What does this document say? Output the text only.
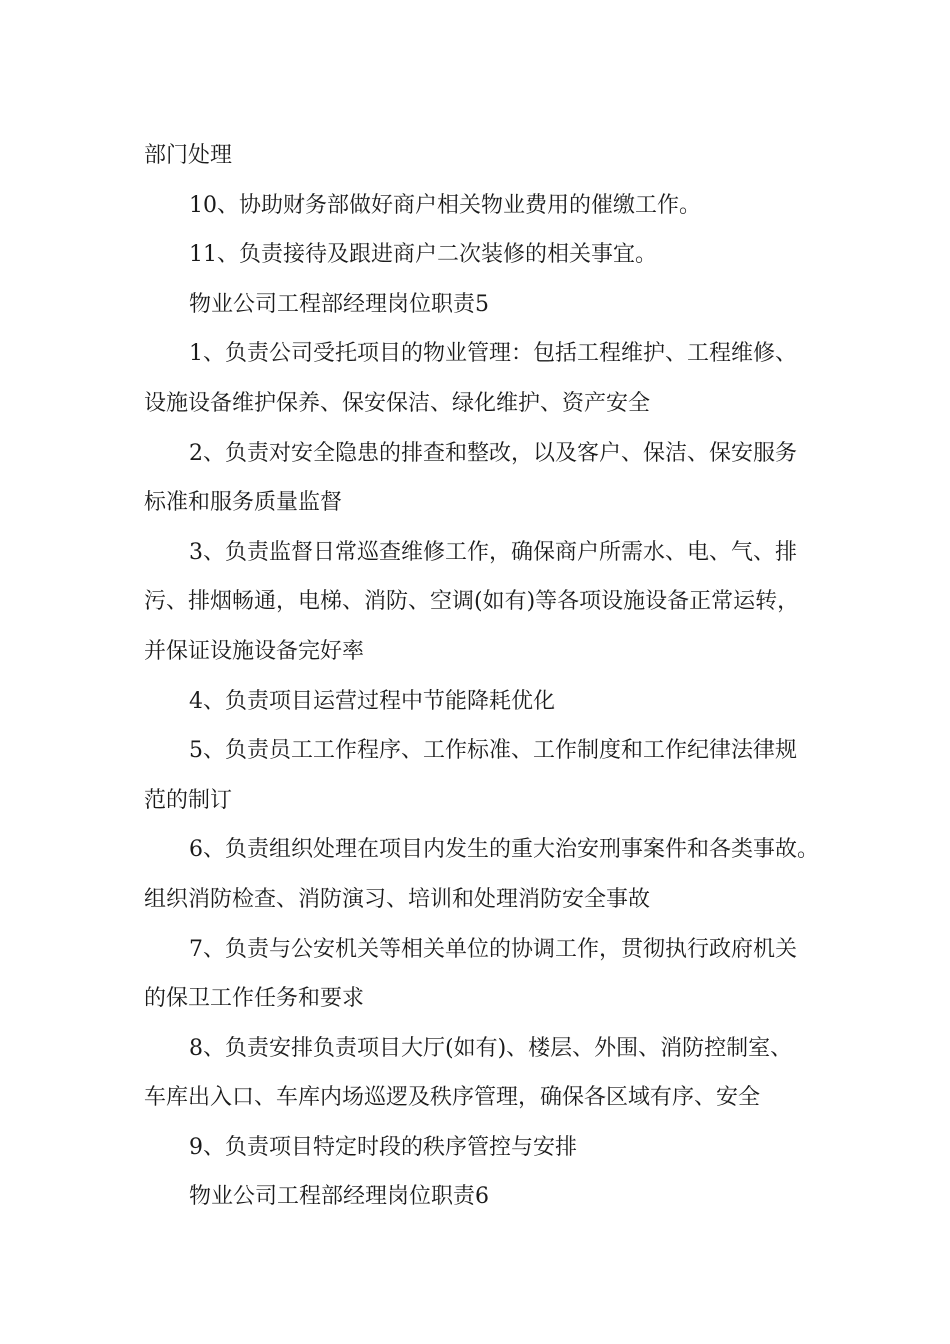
部门处理
10、协助财务部做好商户相关物业费用的催缴工作。
11、负责接待及跟进商户二次装修的相关事宜。
物业公司工程部经理岗位职责5
1、负责公司受托项目的物业管理：包括工程维护、工程维修、
设施设备维护保养、保安保洁、绿化维护、资产安全
2、负责对安全隐患的排查和整改，以及客户、保洁、保安服务
标准和服务质量监督
3、负责监督日常巡查维修工作，确保商户所需水、电、气、排
污、排烟畅通，电梯、消防、空调(如有)等各项设施设备正常运转，
并保证设施设备完好率
4、负责项目运营过程中节能降耗优化
5、负责员工工作程序、工作标准、工作制度和工作纪律法律规
范的制订
6、负责组织处理在项目内发生的重大治安刑事案件和各类事故。
组织消防检查、消防演习、培训和处理消防安全事故
7、负责与公安机关等相关单位的协调工作，贯彻执行政府机关
的保卫工作任务和要求
8、负责安排负责项目大厅(如有)、楼层、外围、消防控制室、
车库出入口、车库内场巡逻及秩序管理，确保各区域有序、安全
9、负责项目特定时段的秩序管控与安排
物业公司工程部经理岗位职责6
